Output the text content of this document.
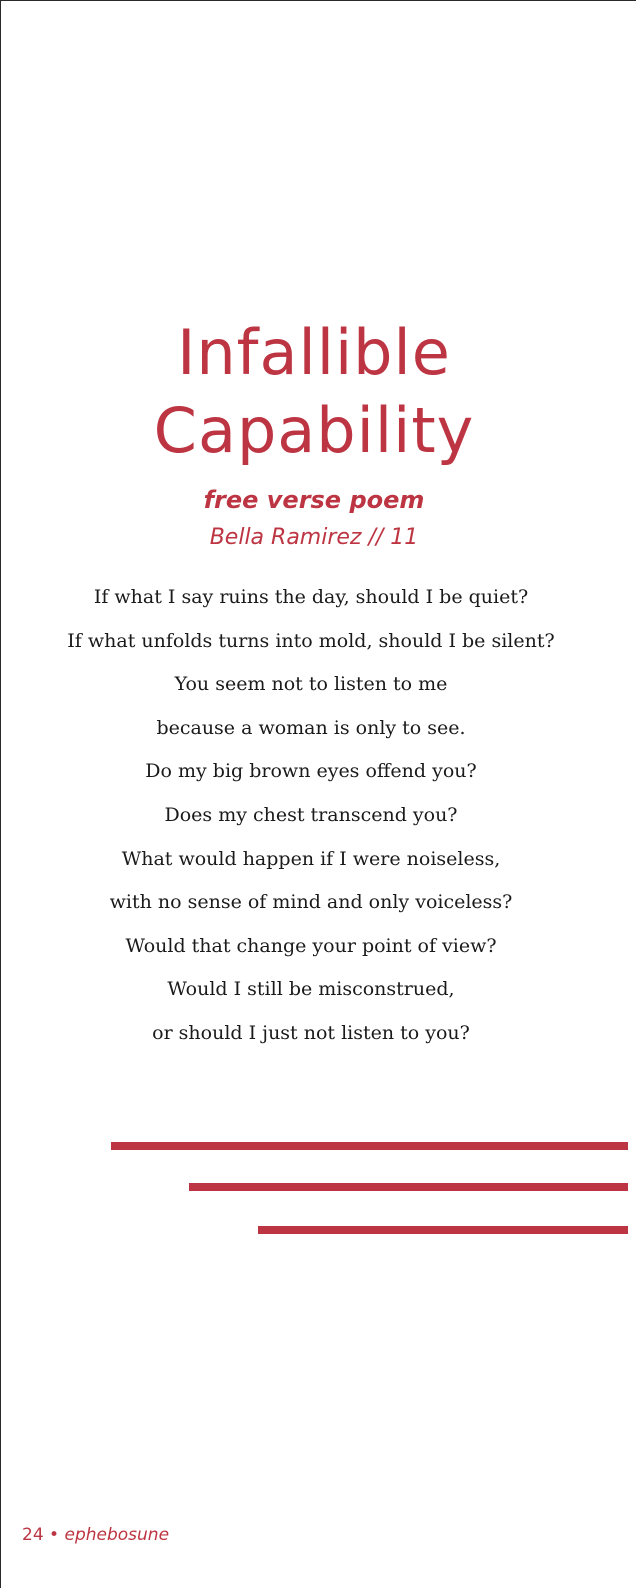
Infallible
Capability
free verse poem
Bella Ramirez // 11
If what I say ruins the day, should I be quiet?
If what unfolds turns into mold, should I be silent?
You seem not to listen to me
because a woman is only to see.
Do my big brown eyes offend you?
Does my chest transcend you?
What would happen if I were noiseless,
with no sense of mind and only voiceless?
Would that change your point of view?
Would I still be misconstrued,
or should I just not listen to you?
24 • ephebosune
